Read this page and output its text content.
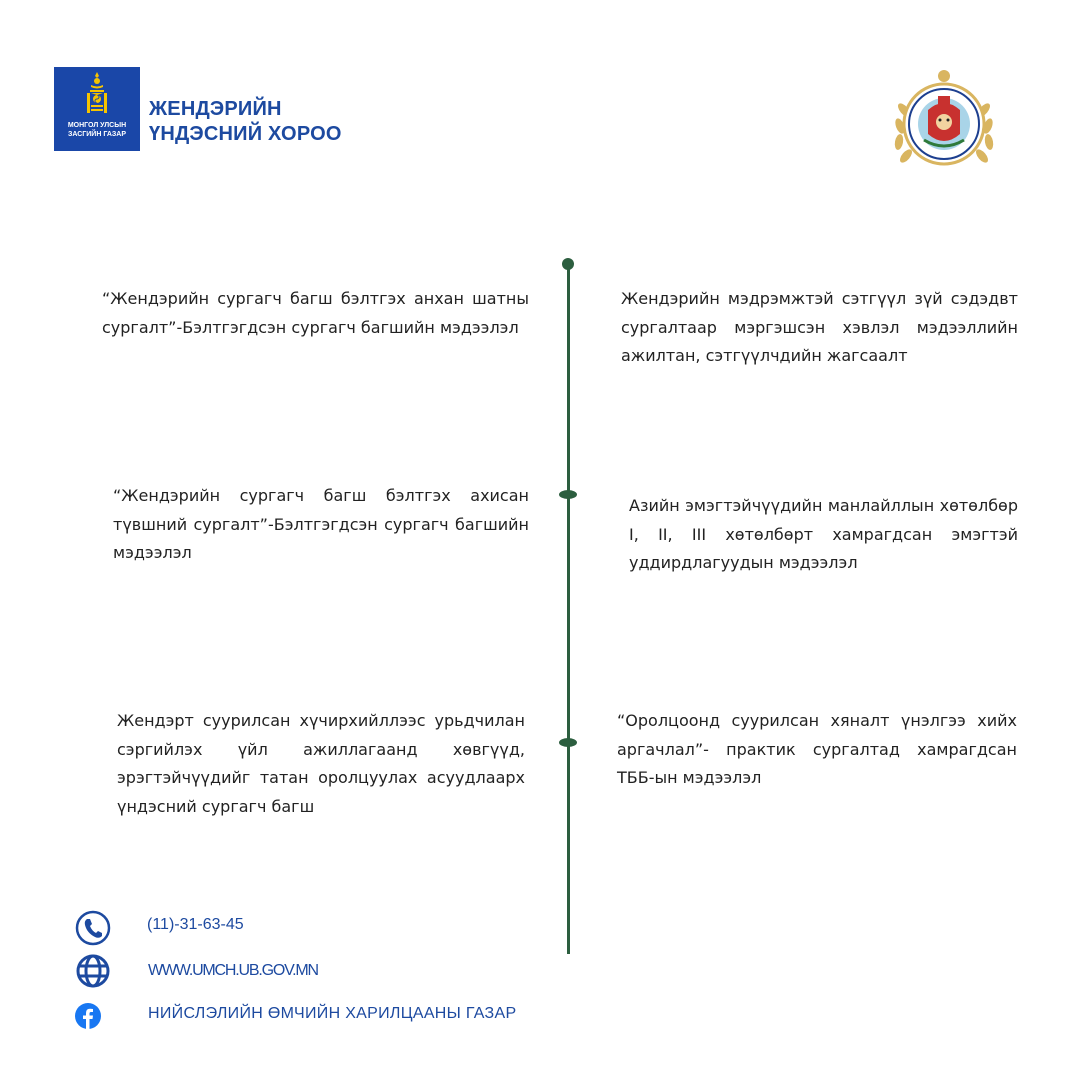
МОНГОЛ УЛСЫН
ЗАСГИЙН ГАЗАР
ЖЕНДЭРИЙН
ҮНДЭСНИЙ ХОРОО
“Жендэрийн сургагч багш бэлтгэх анхан шатны сургалт”-Бэлтгэгдсэн сургагч багшийн мэдээлэл
Жендэрийн мэдрэмжтэй сэтгүүл зүй сэдэдвт сургалтаар мэргэшсэн хэвлэл мэдээллийн ажилтан, сэтгүүлчдийн жагсаалт
“Жендэрийн сургагч багш бэлтгэх ахисан түвшний сургалт”-Бэлтгэгдсэн сургагч багшийн мэдээлэл
Азийн эмэгтэйчүүдийн манлайллын хөтөлбөр I, II, III хөтөлбөрт хамрагдсан эмэгтэй уддирдлагуудын мэдээлэл
Жендэрт суурилсан хүчирхийллээс урьдчилан сэргийлэх үйл ажиллагаанд хөвгүүд, эрэгтэйчүүдийг татан оролцуулах асуудлаарх үндэсний сургагч багш
“Оролцоонд суурилсан хяналт үнэлгээ хийх аргачлал”- практик сургалтад хамрагдсан ТББ-ын мэдээлэл
(11)-31-63-45
WWW.UMCH.UB.GOV.MN
НИЙСЛЭЛИЙН ӨМЧИЙН ХАРИЛЦААНЫ ГАЗАР
